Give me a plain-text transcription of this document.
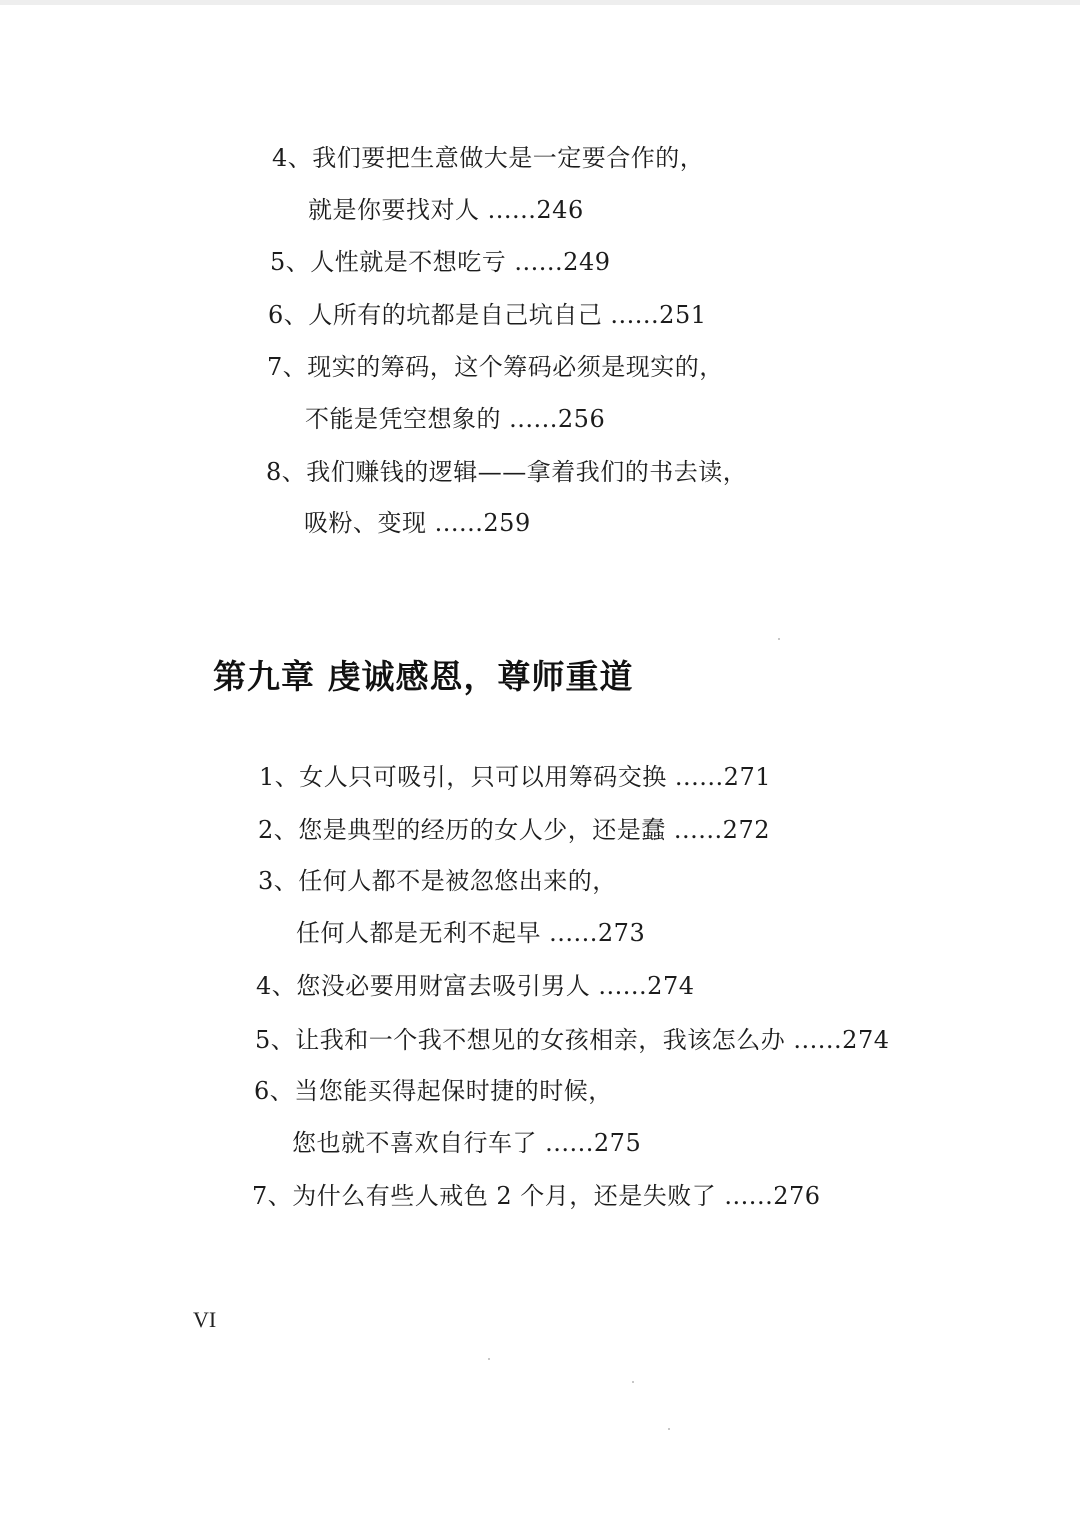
4、我们要把生意做大是一定要合作的，
就是你要找对人 ......246
5、人性就是不想吃亏 ......249
6、人所有的坑都是自己坑自己 ......251
7、现实的筹码，这个筹码必须是现实的，
不能是凭空想象的 ......256
8、我们赚钱的逻辑——拿着我们的书去读，
吸粉、变现 ......259
第九章 虔诚感恩，尊师重道
1、女人只可吸引，只可以用筹码交换 ......271
2、您是典型的经历的女人少，还是蠢 ......272
3、任何人都不是被忽悠出来的，
任何人都是无利不起早 ......273
4、您没必要用财富去吸引男人 ......274
5、让我和一个我不想见的女孩相亲，我该怎么办 ......274
6、当您能买得起保时捷的时候，
您也就不喜欢自行车了 ......275
7、为什么有些人戒色 2 个月，还是失败了 ......276
VI
